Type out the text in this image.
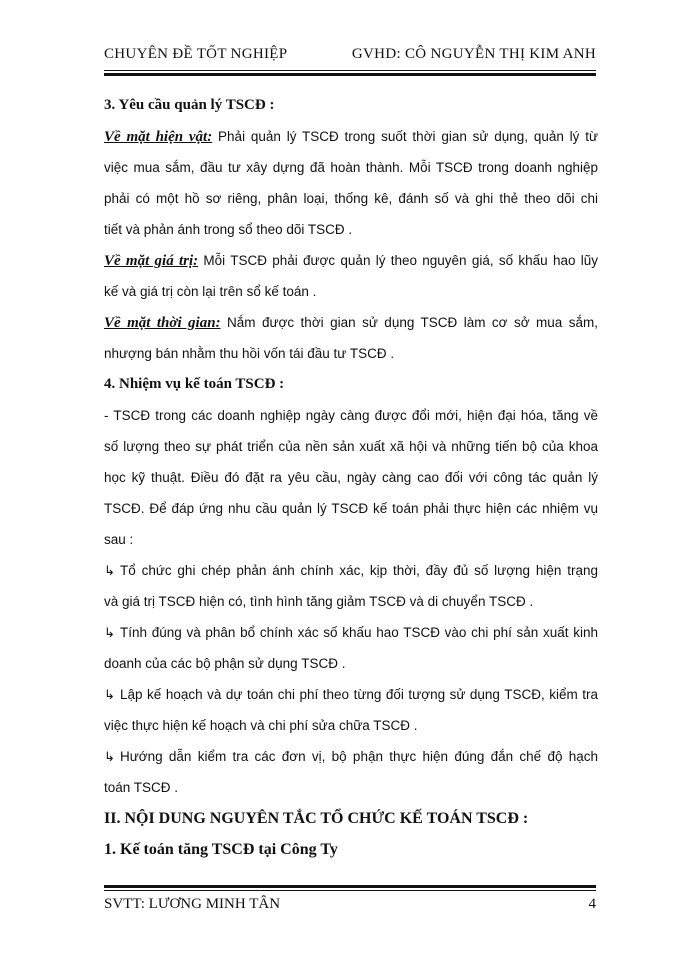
CHUYÊN ĐỀ TỐT NGHIỆP	GVHD: CÔ NGUYỄN THỊ KIM ANH
3. Yêu cầu quản lý TSCĐ :
Về mặt hiện vật: Phải quản lý TSCĐ trong suốt thời gian sử dụng, quản lý từ
việc mua sắm, đầu tư xây dựng đã hoàn thành. Mỗi TSCĐ trong doanh nghiệp
phải có một hồ sơ riêng, phân loại, thống kê, đánh số và ghi thẻ theo dõi chi
tiết và phản ánh trong sổ theo dõi TSCĐ .
Về mặt giá trị: Mỗi TSCĐ phải được quản lý theo nguyên giá, số khấu hao lũy
kế và giá trị còn lại trên sổ kế toán .
Về mặt thời gian: Nắm được thời gian sử dụng TSCĐ làm cơ sở mua sắm,
nhượng bán nhằm thu hồi vốn tái đầu tư TSCĐ .
4. Nhiệm vụ kế toán TSCĐ :
- TSCĐ trong các doanh nghiệp ngày càng được đổi mới, hiện đại hóa, tăng về
số lượng theo sự phát triển của nền sản xuất xã hội và những tiến bộ của khoa
học kỹ thuật. Điều đó đặt ra yêu cầu, ngày càng cao đối với công tác quản lý
TSCĐ. Để đáp ứng nhu cầu quản lý TSCĐ kế toán phải thực hiện các nhiệm vụ
sau :
↳ Tổ chức ghi chép phản ánh chính xác, kịp thời, đầy đủ số lượng hiện trạng
và giá trị TSCĐ hiện có, tình hình tăng giảm TSCĐ và di chuyển TSCĐ .
↳ Tính đúng và phân bổ chính xác số khấu hao TSCĐ vào chi phí sản xuất kinh
doanh của các bộ phận sử dụng TSCĐ .
↳ Lập kế hoạch và dự toán chi phí theo từng đối tượng sử dụng TSCĐ, kiểm tra
việc thực hiện kế hoạch và chi phí sửa chữa TSCĐ .
↳ Hướng dẫn kiểm tra các đơn vị, bộ phận thực hiện đúng đắn chế độ hạch
toán TSCĐ .
II. NỘI DUNG NGUYÊN TẮC TỔ CHỨC KẾ TOÁN TSCĐ :
1. Kế toán tăng TSCĐ tại Công Ty
SVTT: LƯƠNG MINH TÂN	4
